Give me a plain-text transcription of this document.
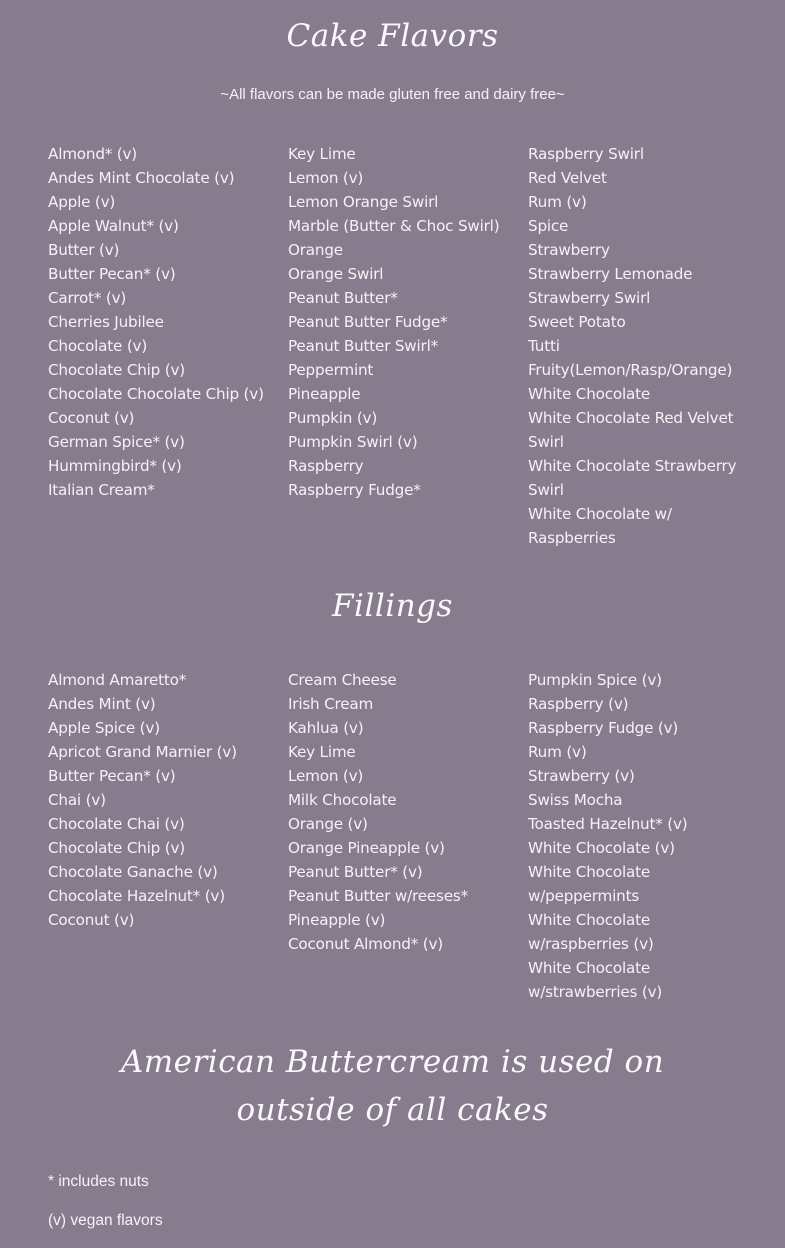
Cake Flavors
~All flavors can be made gluten free and dairy free~
Almond* (v)
Andes Mint Chocolate (v)
Apple (v)
Apple Walnut* (v)
Butter (v)
Butter Pecan* (v)
Carrot* (v)
Cherries Jubilee
Chocolate (v)
Chocolate Chip (v)
Chocolate Chocolate Chip (v)
Coconut (v)
German Spice* (v)
Hummingbird* (v)
Italian Cream*
Key Lime
Lemon (v)
Lemon Orange Swirl
Marble (Butter & Choc Swirl)
Orange
Orange Swirl
Peanut Butter*
Peanut Butter Fudge*
Peanut Butter Swirl*
Peppermint
Pineapple
Pumpkin (v)
Pumpkin Swirl (v)
Raspberry
Raspberry Fudge*
Raspberry Swirl
Red Velvet
Rum (v)
Spice
Strawberry
Strawberry Lemonade
Strawberry Swirl
Sweet Potato
Tutti Fruity(Lemon/Rasp/Orange)
White Chocolate
White Chocolate Red Velvet Swirl
White Chocolate Strawberry Swirl
White Chocolate w/ Raspberries
Fillings
Almond Amaretto*
Andes Mint (v)
Apple Spice (v)
Apricot Grand Marnier (v)
Butter Pecan* (v)
Chai (v)
Chocolate Chai (v)
Chocolate Chip (v)
Chocolate Ganache (v)
Chocolate Hazelnut* (v)
Coconut (v)
Cream Cheese
Irish Cream
Kahlua (v)
Key Lime
Lemon (v)
Milk Chocolate
Orange (v)
Orange Pineapple (v)
Peanut Butter* (v)
Peanut Butter w/reeses*
Pineapple (v)
Coconut Almond* (v)
Pumpkin Spice (v)
Raspberry (v)
Raspberry Fudge (v)
Rum (v)
Strawberry (v)
Swiss Mocha
Toasted Hazelnut* (v)
White Chocolate (v)
White Chocolate w/peppermints
White Chocolate w/raspberries (v)
White Chocolate w/strawberries (v)
American Buttercream is used on outside of all cakes
* includes nuts
(v) vegan flavors
